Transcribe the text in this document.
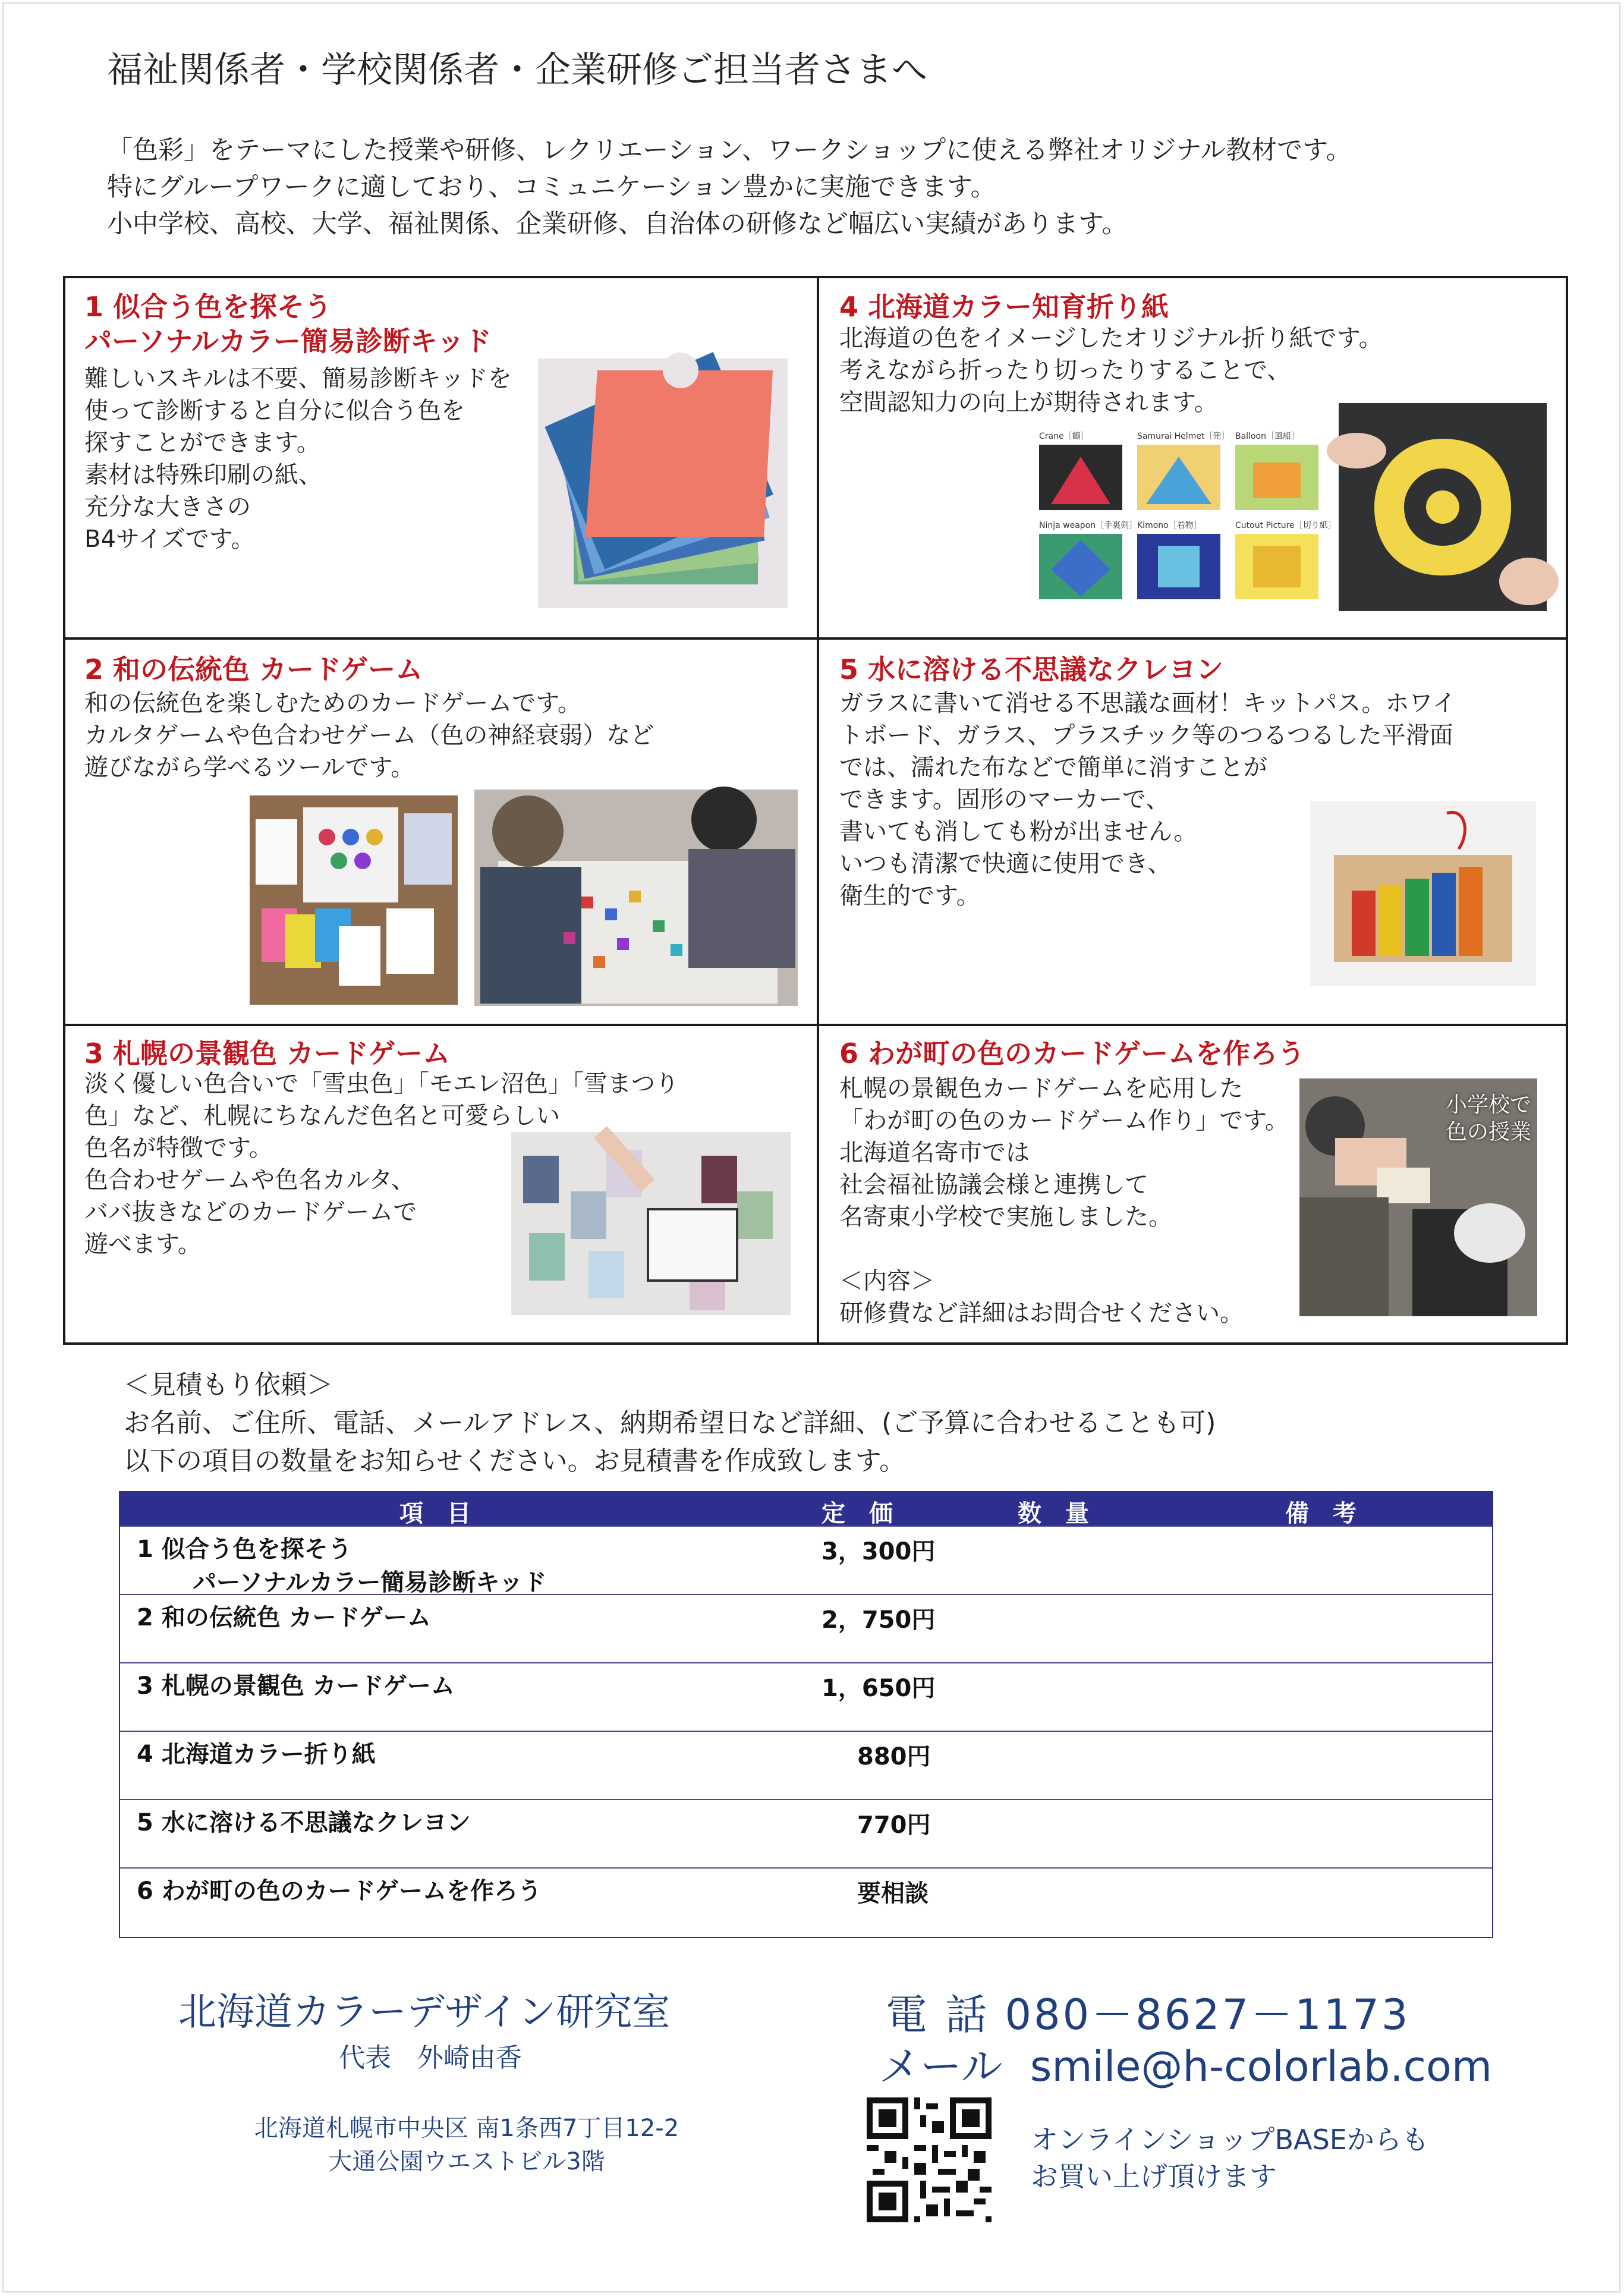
福祉関係者・学校関係者・企業研修ご担当者さまへ
「色彩」をテーマにした授業や研修、レクリエーション、ワークショップに使える弊社オリジナル教材です。
特にグループワークに適しており、コミュニケーション豊かに実施できます。
小中学校、高校、大学、福祉関係、企業研修、自治体の研修など幅広い実績があります。
1 似合う色を探そう
パーソナルカラー簡易診断キッド
難しいスキルは不要、簡易診断キッドを
使って診断すると自分に似合う色を
探すことができます。
素材は特殊印刷の紙、
充分な大きさの
B4サイズです。
4 北海道カラー知育折り紙
北海道の色をイメージしたオリジナル折り紙です。
考えながら折ったり切ったりすることで、
空間認知力の向上が期待されます。
Crane［鶴］	Samurai Helmet［兜］ Balloon［風船］
Ninja weapon［手裏剣］ Kimono［着物］	Cutout Picture［切り紙］
2 和の伝統色 カードゲーム
和の伝統色を楽しむためのカードゲームです。
カルタゲームや色合わせゲーム（色の神経衰弱）など
遊びながら学べるツールです。
5 水に溶ける不思議なクレヨン
ガラスに書いて消せる不思議な画材！キットパス。ホワイ
トボード、ガラス、プラスチック等のつるつるした平滑面
では、濡れた布などで簡単に消すことが
できます。固形のマーカーで、
書いても消しても粉が出ません。
いつも清潔で快適に使用でき、
衛生的です。
3 札幌の景観色 カードゲーム
淡く優しい色合いで「雪虫色」「モエレ沼色」「雪まつり
色」など、札幌にちなんだ色名と可愛らしい
色名が特徴です。
色合わせゲームや色名カルタ、
ババ抜きなどのカードゲームで
遊べます。
6 わが町の色のカードゲームを作ろう
札幌の景観色カードゲームを応用した
「わが町の色のカードゲーム作り」です。
北海道名寄市では
社会福祉協議会様と連携して
名寄東小学校で実施しました。
＜内容＞
研修費など詳細はお問合せください。
小学校で
色の授業
＜見積もり依頼＞
お名前、ご住所、電話、メールアドレス、納期希望日など詳細、(ご予算に合わせることも可)
以下の項目の数量をお知らせください。お見積書を作成致します。
項　目	定　価	数　量	備　考
1 似合う色を探そう
パーソナルカラー簡易診断キッド
3，300円
2 和の伝統色 カードゲーム	2，750円
3 札幌の景観色 カードゲーム	1，650円
4 北海道カラー折り紙	880円
5 水に溶ける不思議なクレヨン	770円
6 わが町の色のカードゲームを作ろう	要相談
北海道カラーデザイン研究室
代表　外崎由香
北海道札幌市中央区 南1条西7丁目12-2
大通公園ウエストビル3階
電 話 080－8627－1173
メール smile@h-colorlab.com
オンラインショップBASEからも
お買い上げ頂けます
